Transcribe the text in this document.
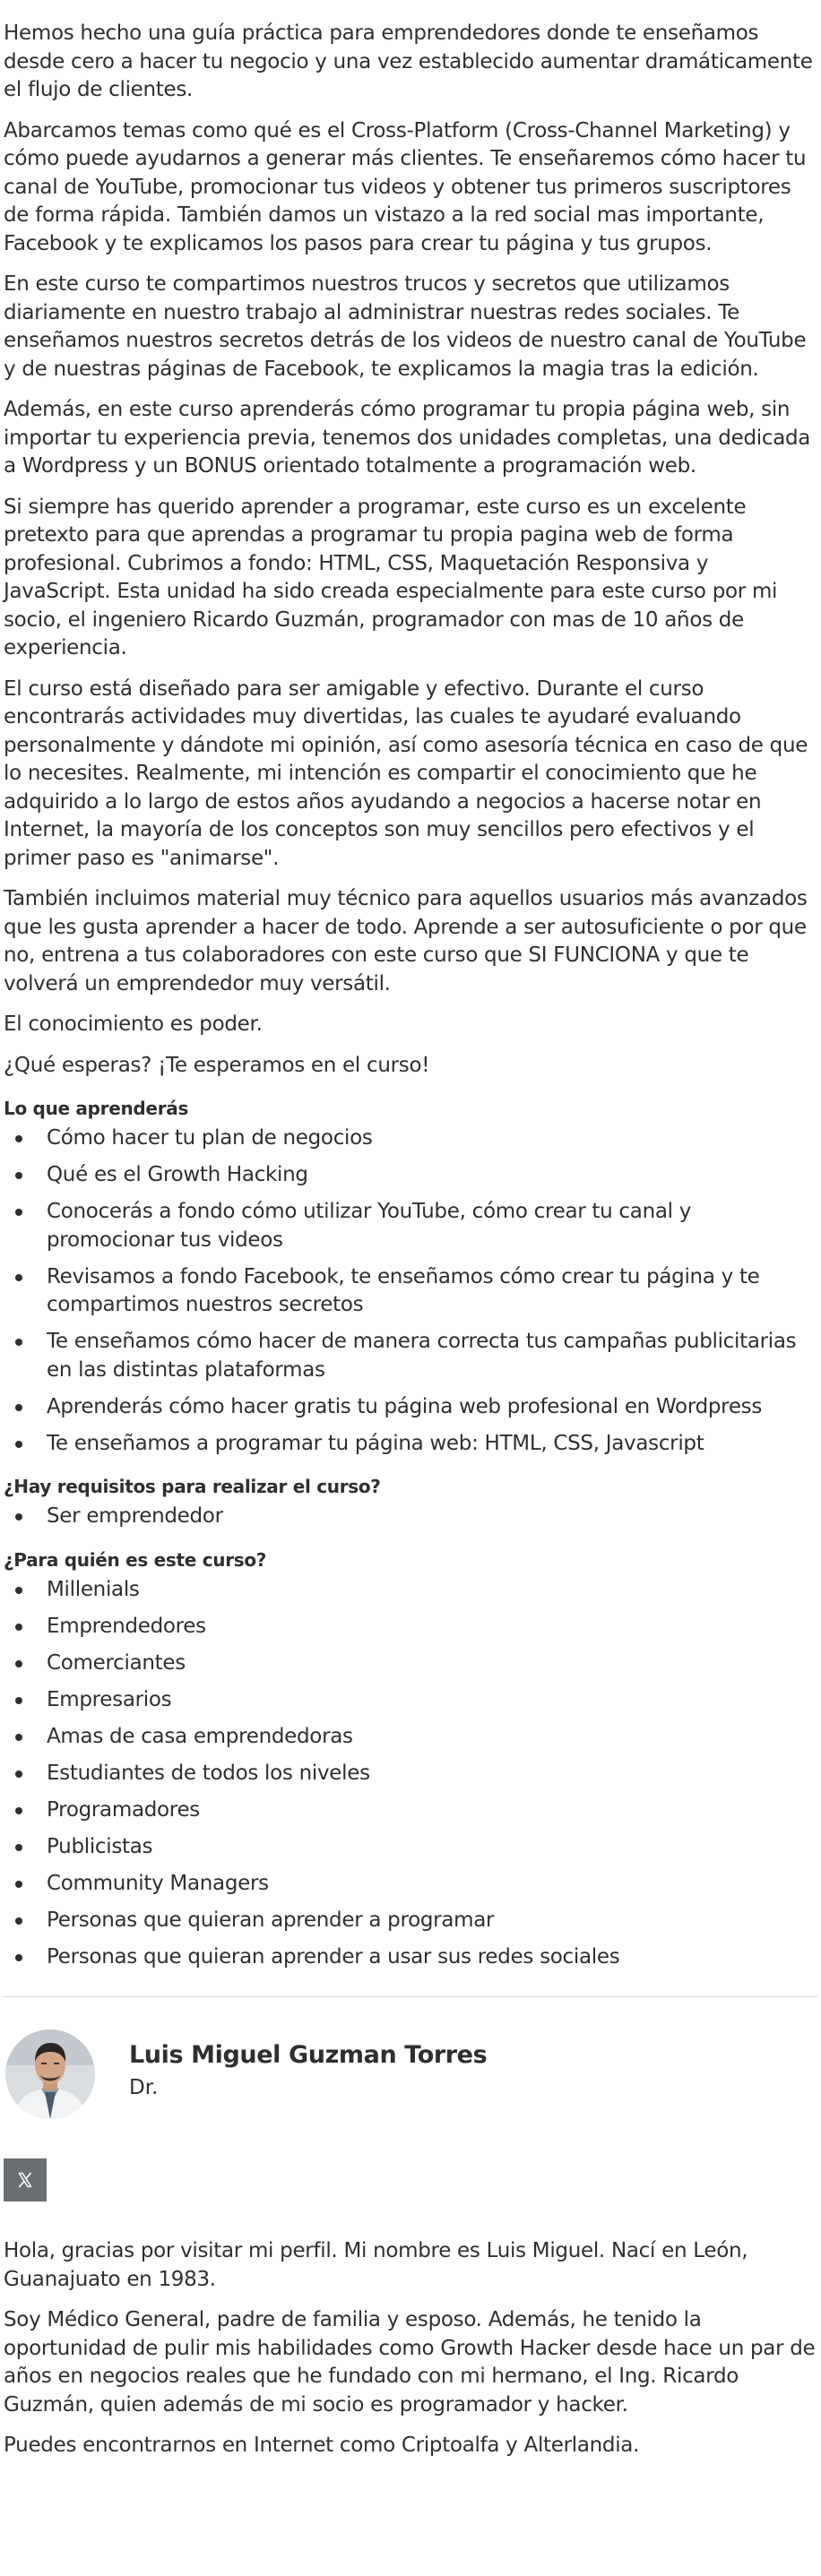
Hemos hecho una guía práctica para emprendedores donde te enseñamos desde cero a hacer tu negocio y una vez establecido aumentar dramáticamente el flujo de clientes.

Abarcamos temas como qué es el Cross-Platform (Cross-Channel Marketing) y cómo puede ayudarnos a generar más clientes. Te enseñaremos cómo hacer tu canal de YouTube, promocionar tus videos y obtener tus primeros suscriptores de forma rápida. También damos un vistazo a la red social mas importante, Facebook y te explicamos los pasos para crear tu página y tus grupos.

En este curso te compartimos nuestros trucos y secretos que utilizamos diariamente en nuestro trabajo al administrar nuestras redes sociales. Te enseñamos nuestros secretos detrás de los videos de nuestro canal de YouTube y de nuestras páginas de Facebook, te explicamos la magia tras la edición.

Además, en este curso aprenderás cómo programar tu propia página web, sin importar tu experiencia previa, tenemos dos unidades completas, una dedicada a Wordpress y un BONUS orientado totalmente a programación web.

Si siempre has querido aprender a programar, este curso es un excelente pretexto para que aprendas a programar tu propia pagina web de forma profesional. Cubrimos a fondo: HTML, CSS, Maquetación Responsiva y JavaScript. Esta unidad ha sido creada especialmente para este curso por mi socio, el ingeniero Ricardo Guzmán, programador con mas de 10 años de experiencia.

El curso está diseñado para ser amigable y efectivo. Durante el curso encontrarás actividades muy divertidas, las cuales te ayudaré evaluando personalmente y dándote mi opinión, así como asesoría técnica en caso de que lo necesites. Realmente, mi intención es compartir el conocimiento que he adquirido a lo largo de estos años ayudando a negocios a hacerse notar en Internet, la mayoría de los conceptos son muy sencillos pero efectivos y el primer paso es "animarse".

También incluimos material muy técnico para aquellos usuarios más avanzados que les gusta aprender a hacer de todo. Aprende a ser autosuficiente o por que no, entrena a tus colaboradores con este curso que SI FUNCIONA y que te volverá un emprendedor muy versátil.

El conocimiento es poder.

¿Qué esperas? ¡Te esperamos en el curso!

Lo que aprenderás
Cómo hacer tu plan de negocios
Qué es el Growth Hacking
Conocerás a fondo cómo utilizar YouTube, cómo crear tu canal y promocionar tus videos
Revisamos a fondo Facebook, te enseñamos cómo crear tu página y te compartimos nuestros secretos
Te enseñamos cómo hacer de manera correcta tus campañas publicitarias en las distintas plataformas
Aprenderás cómo hacer gratis tu página web profesional en Wordpress
Te enseñamos a programar tu página web: HTML, CSS, Javascript
¿Hay requisitos para realizar el curso?
Ser emprendedor
¿Para quién es este curso?
Millenials
Emprendedores
Comerciantes
Empresarios
Amas de casa emprendedoras
Estudiantes de todos los niveles
Programadores
Publicistas
Community Managers
Personas que quieran aprender a programar
Personas que quieran aprender a usar sus redes sociales
Luis Miguel Guzman Torres
Dr.

Hola, gracias por visitar mi perfil. Mi nombre es Luis Miguel. Nací en León, Guanajuato en 1983.

Soy Médico General, padre de familia y esposo. Además, he tenido la oportunidad de pulir mis habilidades como Growth Hacker desde hace un par de años en negocios reales que he fundado con mi hermano, el Ing. Ricardo Guzmán, quien además de mi socio es programador y hacker.

Puedes encontrarnos en Internet como Criptoalfa y Alterlandia.
